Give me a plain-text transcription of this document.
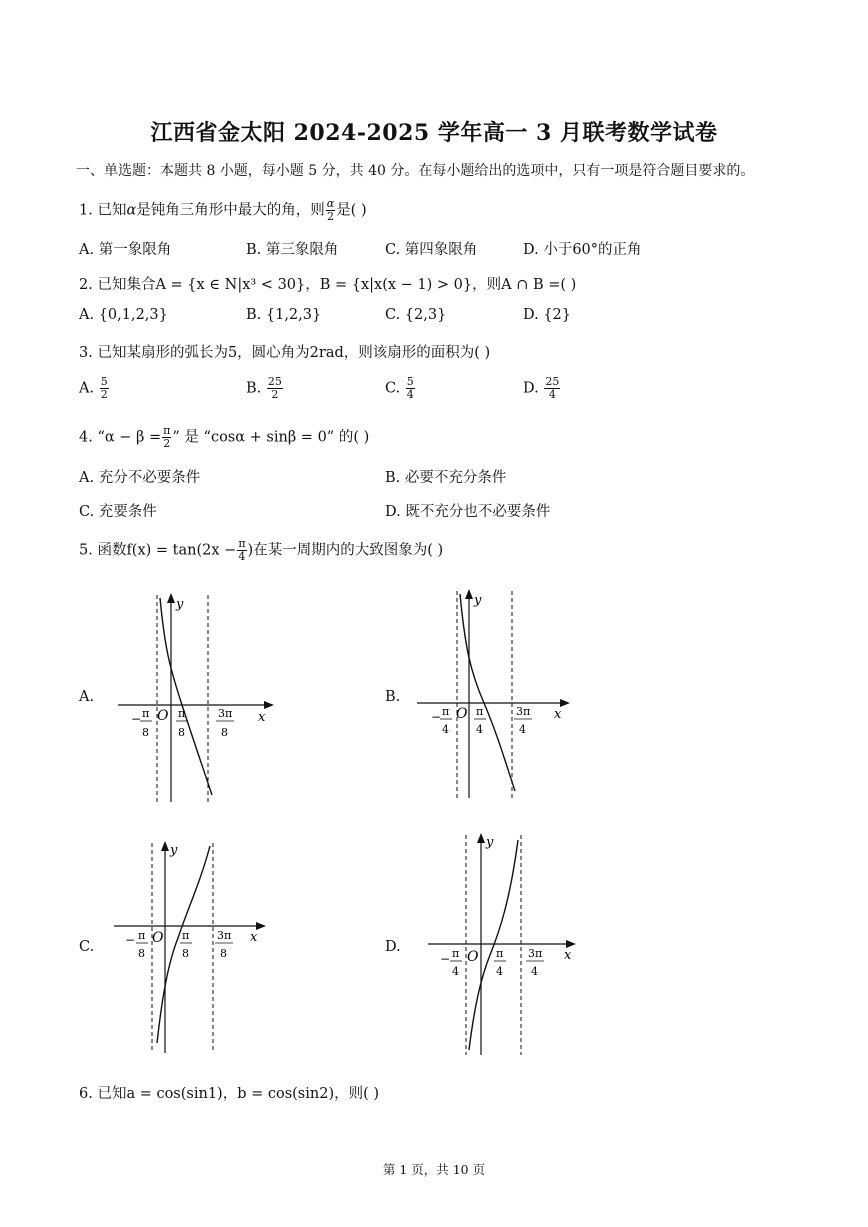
江西省金太阳 2024-2025 学年高一 3 月联考数学试卷
一、单选题：本题共 8 小题，每小题 5 分，共 40 分。在每小题给出的选项中，只有一项是符合题目要求的。
1. 已知α是钝角三角形中最大的角，则 $\frac{\alpha}{2}$ 是( )
A. 第一象限角	B. 第三象限角	C. 第四象限角	D. 小于60°的正角
2. 已知集合A = {x ∈ N|x³ < 30}，B = {x|x(x − 1) > 0}，则A ∩ B =( )
A. {0,1,2,3}	B. {1,2,3}	C. {2,3}	D. {2}
3. 已知某扇形的弧长为5，圆心角为2rad，则该扇形的面积为( )
A. $\frac{5}{2}$	B. $\frac{25}{2}$	C. $\frac{5}{4}$	D. $\frac{25}{4}$
4. “$\alpha - \beta = \frac{\pi}{2}$ ” 是 “cosα + sinβ = 0” 的( )
A. 充分不必要条件	B. 必要不充分条件
C. 充要条件	D. 既不充分也不必要条件
5. 函数$f(x) = \tan(2x - \frac{\pi}{4}$ )在某一周期内的大致图象为( )
A.
y
x
O
− π
8
π
8
3π
8
B.
y
x
O
− π
4
π
4
3π
4
C.
y
x
O
− π
8
π
8
3π
8	D.
y
x
O
− π
4
π
4
3π
4
6. 已知a = cos(sin1)，b = cos(sin2)，则( )
第 1 页，共 10 页
